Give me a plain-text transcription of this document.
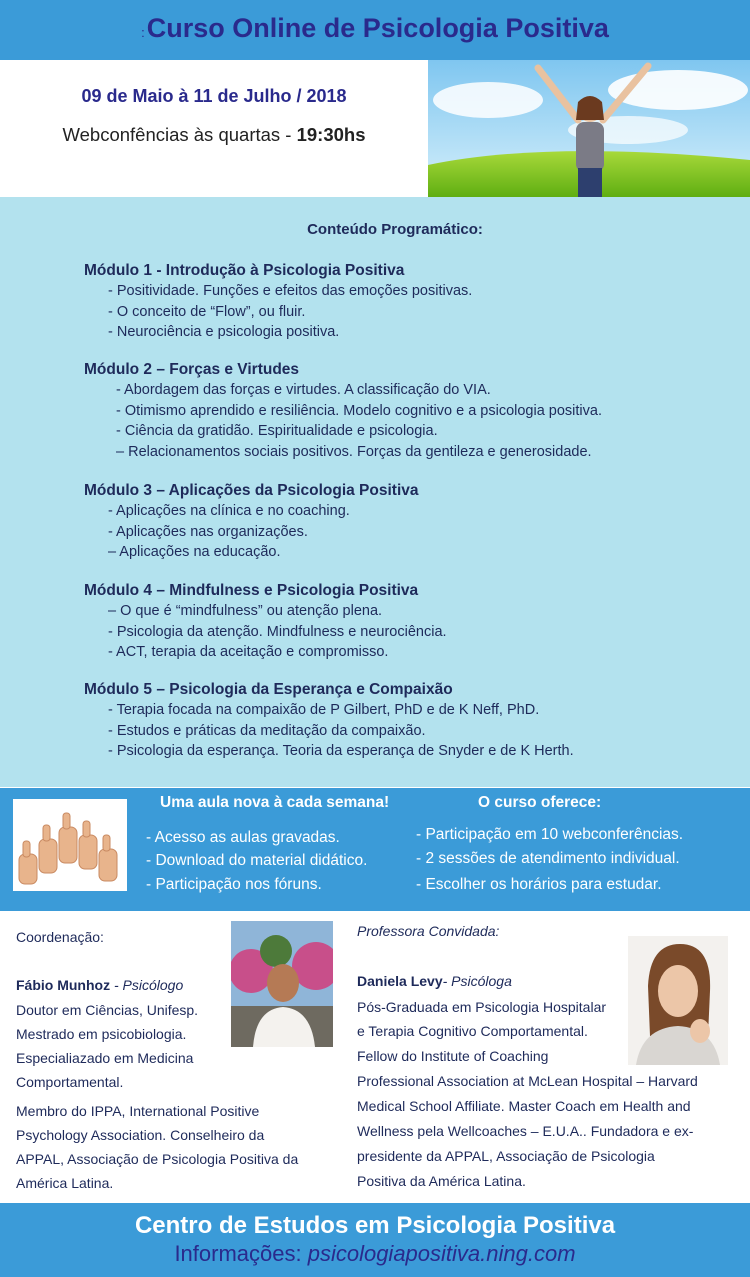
:Curso Online de Psicologia Positiva
09 de Maio à 11 de Julho / 2018
Webconfências às quartas - 19:30hs
Conteúdo Programático:
Módulo 1 - Introdução à Psicologia Positiva
- Positividade. Funções e efeitos das emoções positivas.
- O conceito de “Flow”, ou fluir.
- Neurociência e psicologia positiva.
Módulo 2 – Forças e Virtudes
- Abordagem das forças e virtudes. A classificação do VIA.
- Otimismo aprendido e resiliência. Modelo cognitivo e a psicologia positiva.
- Ciência da gratidão. Espiritualidade e psicologia.
– Relacionamentos sociais positivos. Forças da gentileza e generosidade.
Módulo 3 – Aplicações da Psicologia Positiva
- Aplicações na clínica e no coaching.
- Aplicações nas organizações.
– Aplicações na educação.
Módulo 4 – Mindfulness e Psicologia Positiva
– O que é “mindfulness” ou atenção plena.
- Psicologia da atenção. Mindfulness e neurociência.
- ACT, terapia da aceitação e compromisso.
Módulo 5 – Psicologia da Esperança e Compaixão
- Terapia focada na compaixão de P Gilbert, PhD e de K Neff, PhD.
- Estudos e práticas da meditação da compaixão.
- Psicologia da esperança. Teoria da esperança de Snyder e de K Herth.
Uma aula nova à cada semana!
- Acesso as aulas gravadas.
- Download do material didático.
- Participação nos fóruns.
O curso oferece:
- Participação em 10 webconferências.
- 2 sessões de atendimento individual.
- Escolher os horários para estudar.
Coordenação:
Fábio Munhoz - Psicólogo
Doutor em Ciências, Unifesp.
Mestrado em psicobiologia.
Especialiazado em Medicina
Comportamental.
Membro do IPPA, International Positive
Psychology Association. Conselheiro da
APPAL, Associação de Psicologia Positiva da
América Latina.
Professora Convidada:
Daniela Levy- Psicóloga
Pós-Graduada em Psicologia Hospitalar
e Terapia Cognitivo Comportamental.
Fellow do Institute of Coaching
Professional Association at McLean Hospital – Harvard
Medical School Affiliate. Master Coach em Health and
Wellness pela Wellcoaches – E.U.A.. Fundadora e ex-
presidente da APPAL, Associação de Psicologia
Positiva da América Latina.
Centro de Estudos em Psicologia Positiva
Informações: psicologiapositiva.ning.com
